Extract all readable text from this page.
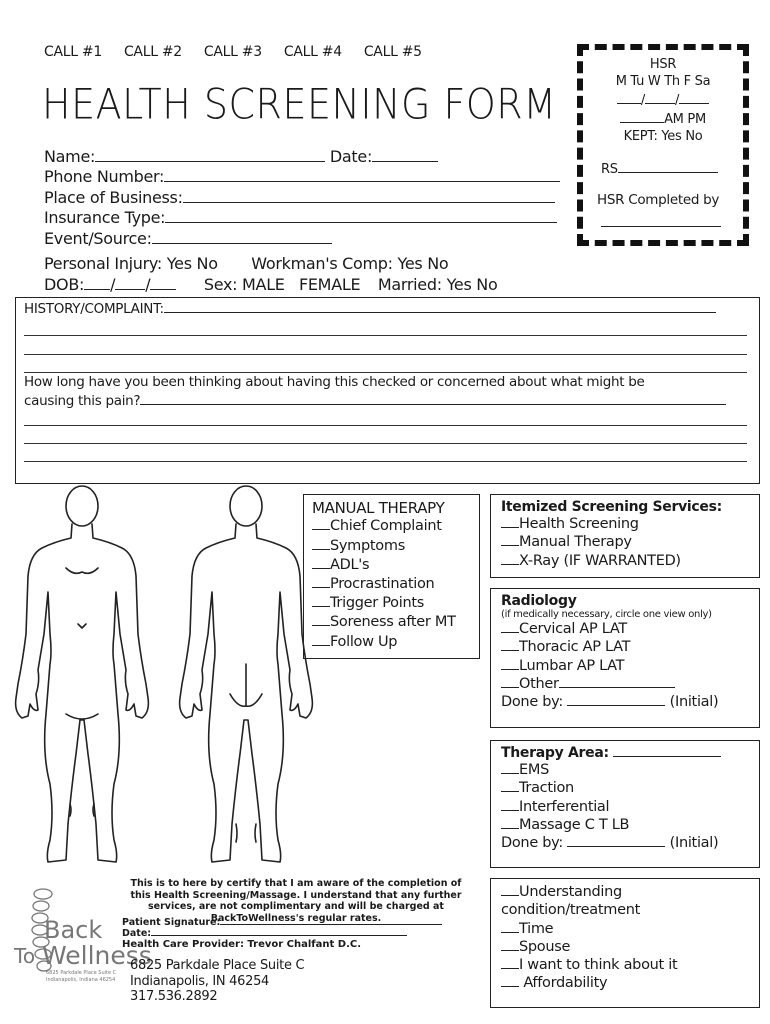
CALL #1 CALL #2 CALL #3 CALL #4 CALL #5
HEALTH SCREENING FORM
Name:	Date:
Phone Number:
Place of Business:
Insurance Type:
Event/Source:
Personal Injury: Yes No Workman's Comp: Yes No
DOB: / /	Sex: MALE   FEMALE Married: Yes No
HSR
M Tu W Th F Sa
/ /
AM PM
KEPT: Yes No
RS
HSR Completed by
HISTORY/COMPLAINT:
How long have you been thinking about having this checked or concerned about what might be
causing this pain?
MANUAL THERAPY
Chief Complaint
Symptoms
ADL's
Procrastination
Trigger Points
Soreness after MT
Follow Up
Itemized Screening Services:
Health Screening
Manual Therapy
X-Ray (IF WARRANTED)
Radiology
(if medically necessary, circle one view only)
Cervical AP LAT
Thoracic AP LAT
Lumbar AP LAT
Other
Done by:	(Initial)
Therapy Area:
EMS
Traction
Interferential
Massage C T LB
Done by:	(Initial)
Understanding
condition/treatment
Time
Spouse
I want to think about it
Affordability
This is to here by certify that I am aware of the completion of this Health Screening/Massage. I understand that any further services, are not complimentary and will be charged at BackToWellness's regular rates.
Patient Signature:
Date:
Health Care Provider: Trevor Chalfant D.C.
Back
To Wellness
6825 Parkdale Place Suite C
Indianapolis, Indiana 46254
6825 Parkdale Place Suite C
Indianapolis, IN 46254
317.536.2892
